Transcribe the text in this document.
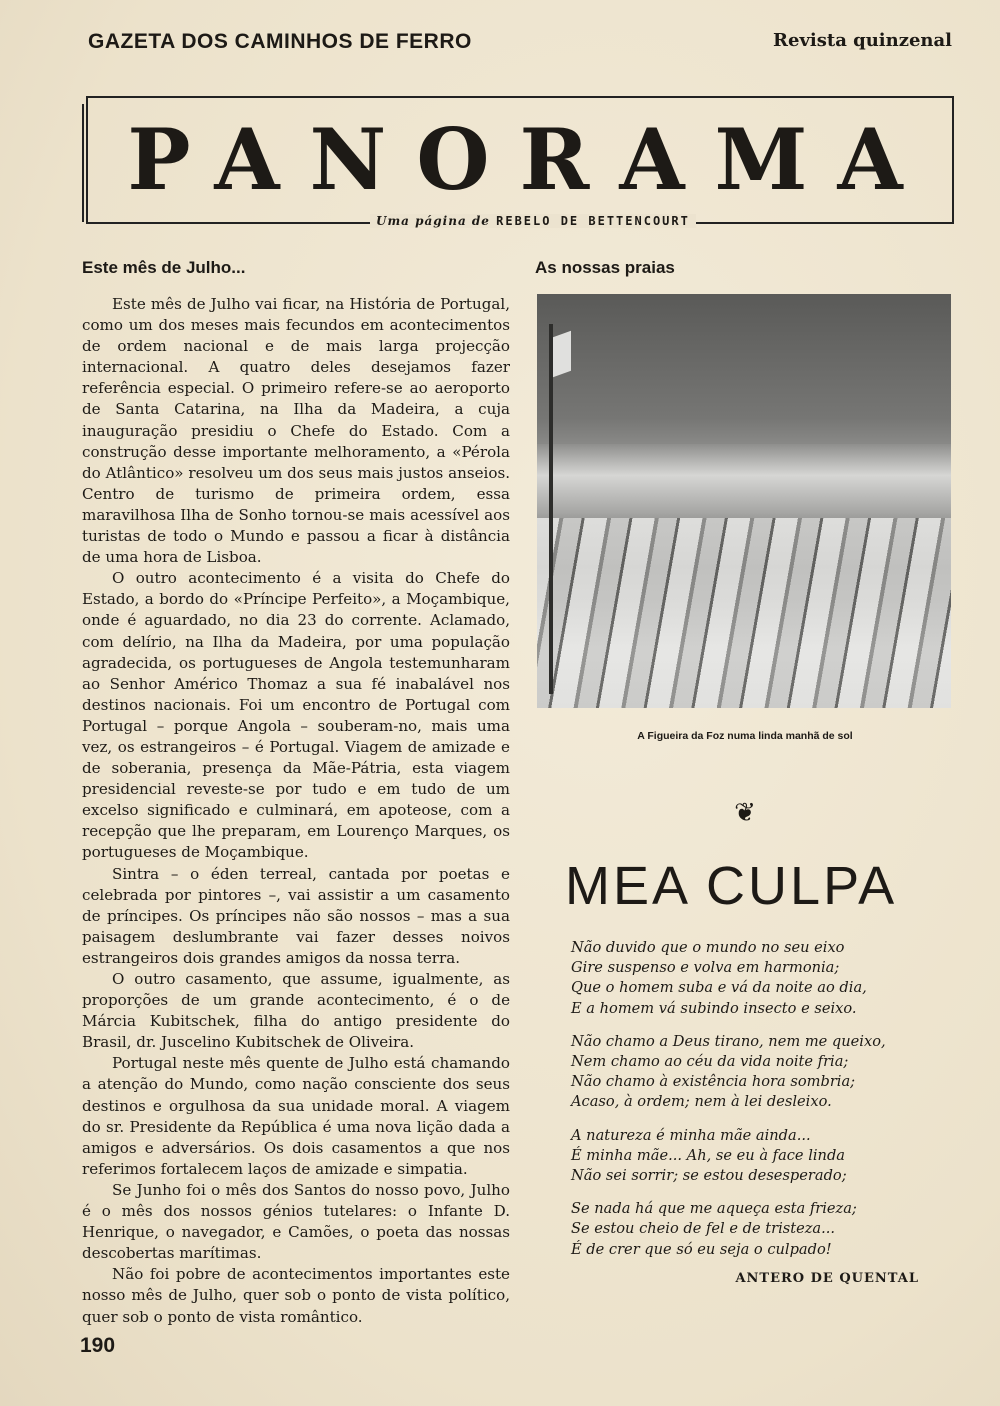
GAZETA DOS CAMINHOS DE FERRO	Revista quinzenal
PANORAMA
Uma página de REBELO DE BETTENCOURT
Este mês de Julho...

Este mês de Julho vai ficar, na História de Portugal, como um dos meses mais fecundos em acontecimentos de ordem nacional e de mais larga projecção internacional. A quatro deles desejamos fazer referência especial. O primeiro refere-se ao aeroporto de Santa Catarina, na Ilha da Madeira, a cuja inauguração presidiu o Chefe do Estado. Com a construção desse importante melhoramento, a «Pérola do Atlântico» resolveu um dos seus mais justos anseios. Centro de turismo de primeira ordem, essa maravilhosa Ilha de Sonho tornou-se mais acessível aos turistas de todo o Mundo e passou a ficar à distância de uma hora de Lisboa.

O outro acontecimento é a visita do Chefe do Estado, a bordo do «Príncipe Perfeito», a Moçambique, onde é aguardado, no dia 23 do corrente. Aclamado, com delírio, na Ilha da Madeira, por uma população agradecida, os portugueses de Angola testemunharam ao Senhor Américo Thomaz a sua fé inabalável nos destinos nacionais. Foi um encontro de Portugal com Portugal – porque Angola – souberam-no, mais uma vez, os estrangeiros – é Portugal. Viagem de amizade e de soberania, presença da Mãe-Pátria, esta viagem presidencial reveste-se por tudo e em tudo de um excelso significado e culminará, em apoteose, com a recepção que lhe preparam, em Lourenço Marques, os portugueses de Moçambique.

Sintra – o éden terreal, cantada por poetas e celebrada por pintores –, vai assistir a um casamento de príncipes. Os príncipes não são nossos – mas a sua paisagem deslumbrante vai fazer desses noivos estrangeiros dois grandes amigos da nossa terra.

O outro casamento, que assume, igualmente, as proporções de um grande acontecimento, é o de Márcia Kubitschek, filha do antigo presidente do Brasil, dr. Juscelino Kubitschek de Oliveira.

Portugal neste mês quente de Julho está chamando a atenção do Mundo, como nação consciente dos seus destinos e orgulhosa da sua unidade moral. A viagem do sr. Presidente da República é uma nova lição dada a amigos e adversários. Os dois casamentos a que nos referimos fortalecem laços de amizade e simpatia.

Se Junho foi o mês dos Santos do nosso povo, Julho é o mês dos nossos génios tutelares: o Infante D. Henrique, o navegador, e Camões, o poeta das nossas descobertas marítimas.

Não foi pobre de acontecimentos importantes este nosso mês de Julho, quer sob o ponto de vista político, quer sob o ponto de vista romântico.

As nossas praias
A Figueira da Foz numa linda manhã de sol
❦
MEA CULPA
Não duvido que o mundo no seu eixo
Gire suspenso e volva em harmonia;
Que o homem suba e vá da noite ao dia,
E a homem vá subindo insecto e seixo.
Não chamo a Deus tirano, nem me queixo,
Nem chamo ao céu da vida noite fria;
Não chamo à existência hora sombria;
Acaso, à ordem; nem à lei desleixo.
A natureza é minha mãe ainda...
É minha mãe... Ah, se eu à face linda
Não sei sorrir; se estou desesperado;
Se nada há que me aqueça esta frieza;
Se estou cheio de fel e de tristeza...
É de crer que só eu seja o culpado!
ANTERO DE QUENTAL
190
